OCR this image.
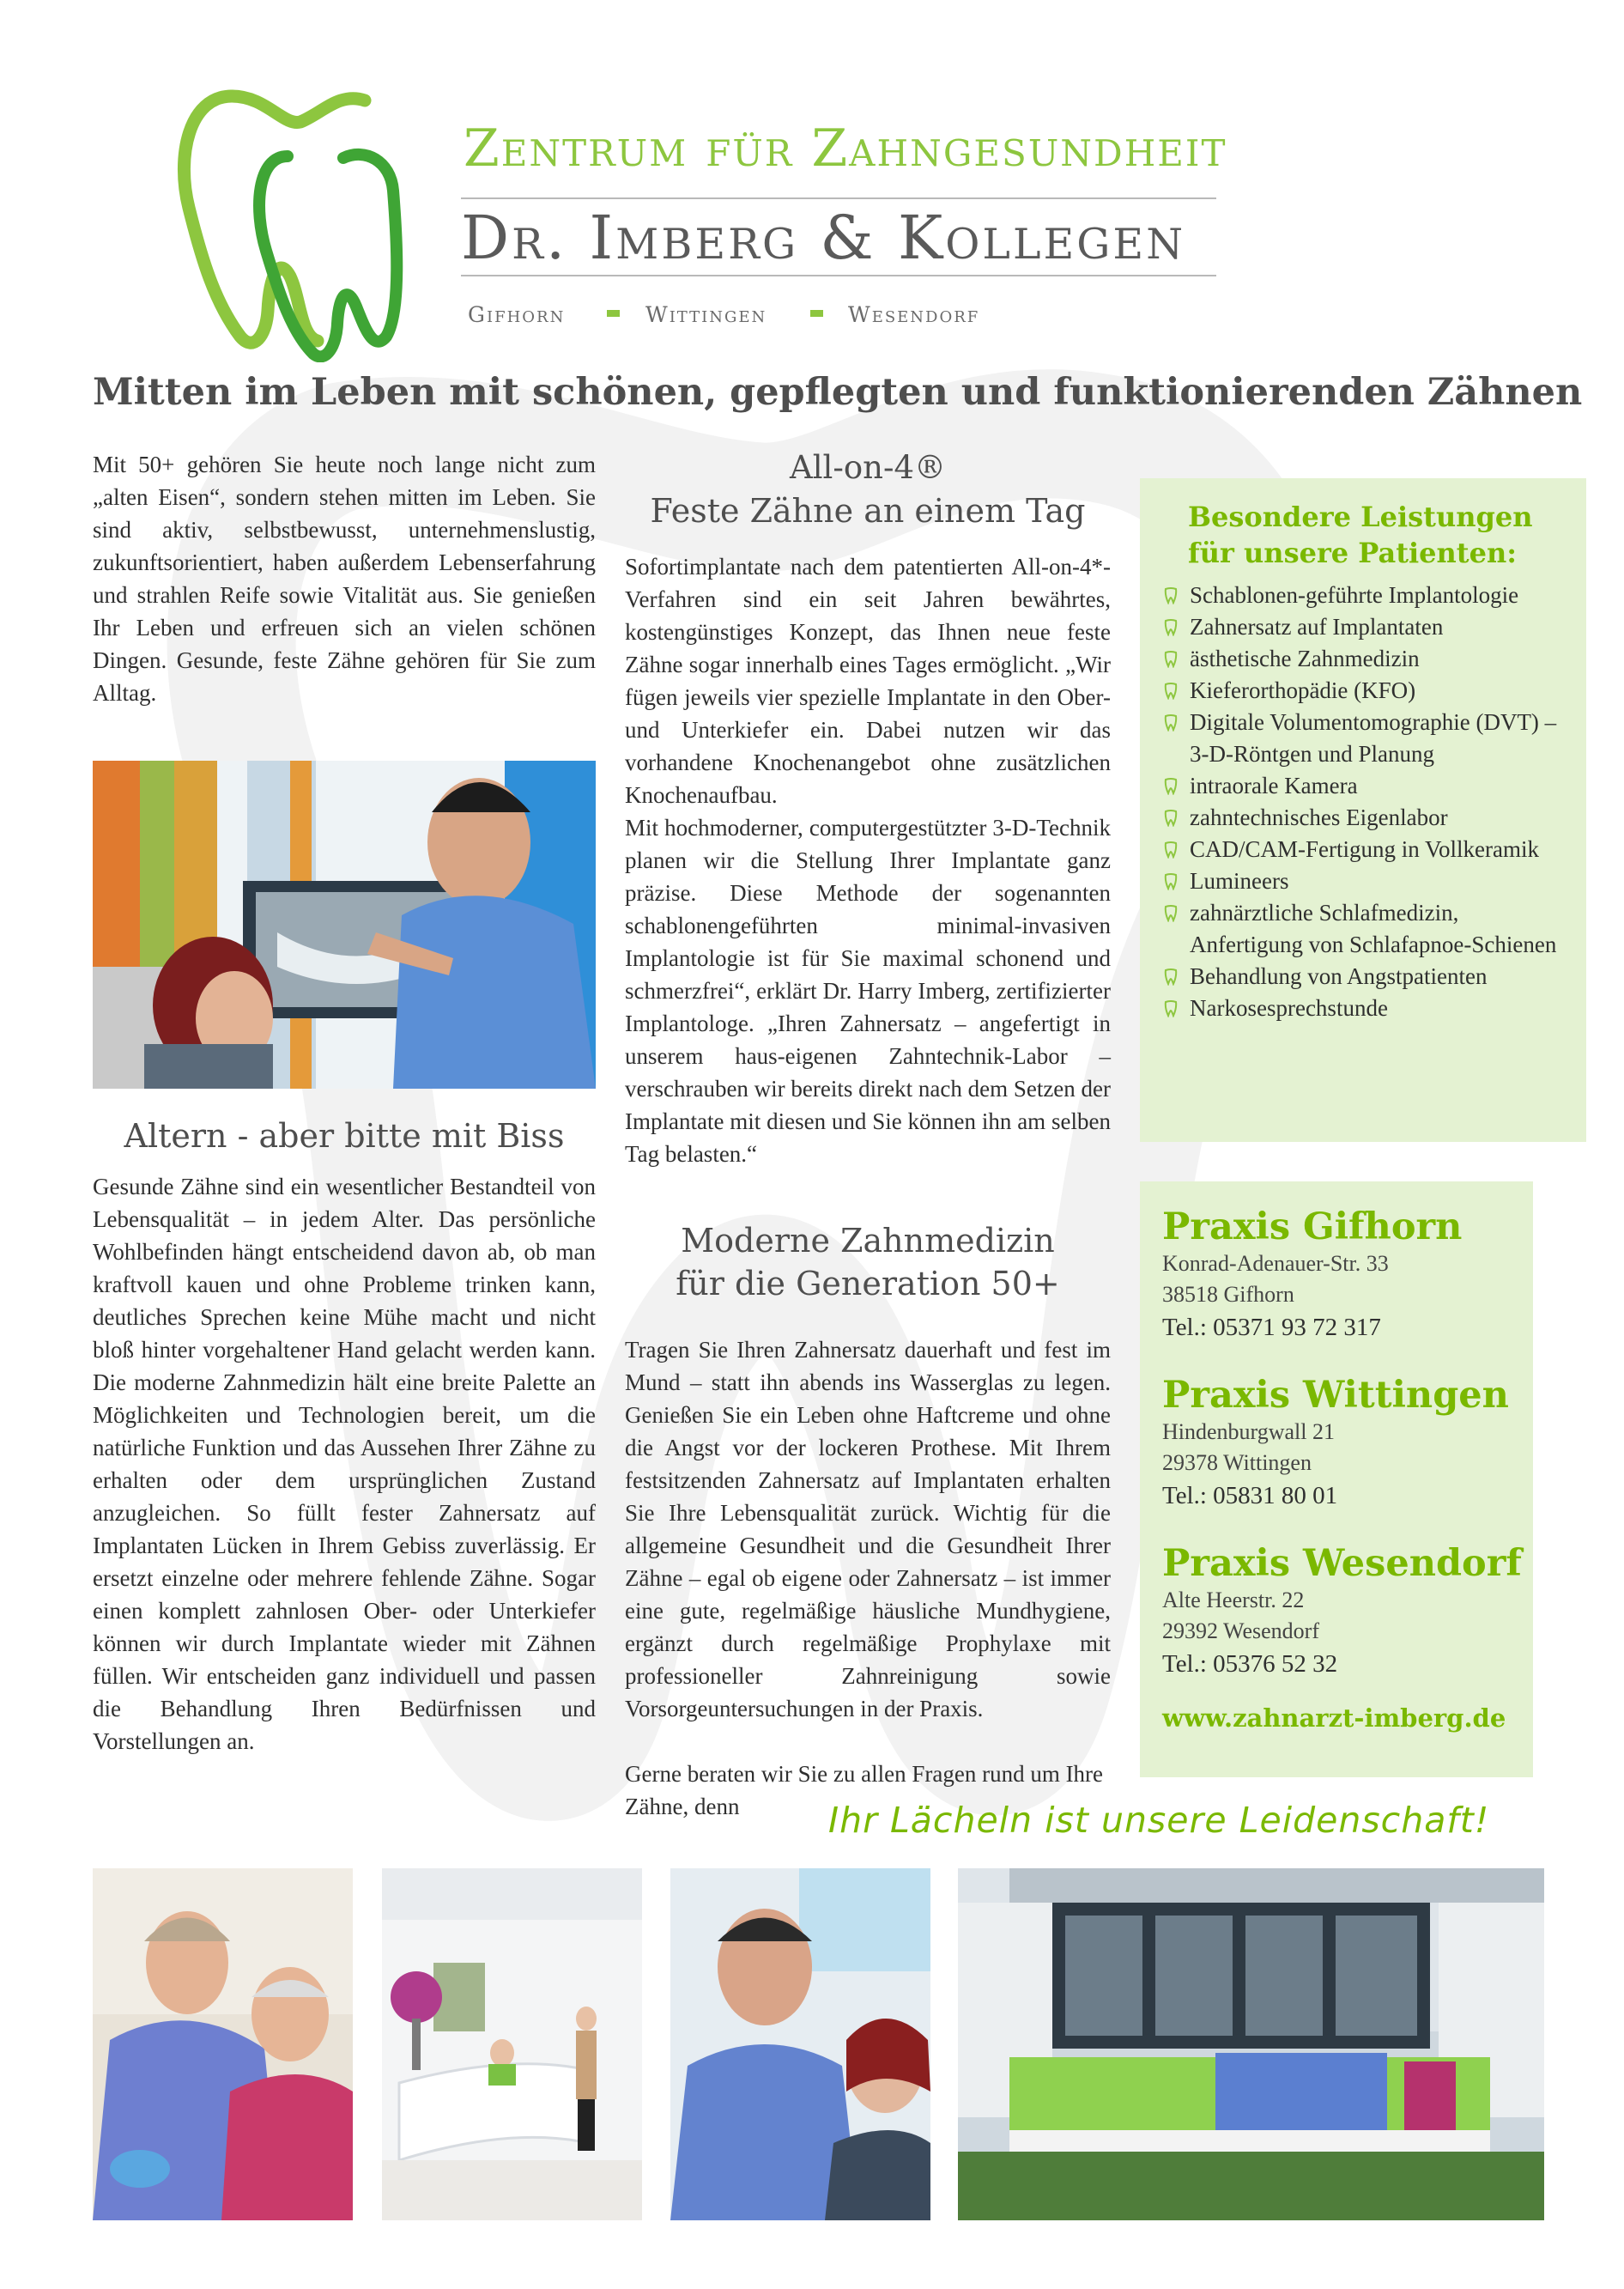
Zentrum für Zahngesundheit
Dr. Imberg & Kollegen
Gifhorn	Wittingen	Wesendorf
Mitten im Leben mit schönen, gepflegten und funktionierenden Zähnen

Mit 50+ gehören Sie heute noch lange nicht zum „alten Eisen“, sondern stehen mitten im Leben. Sie sind aktiv, selbstbewusst, unternehmenslustig, zukunftsorientiert, haben außerdem Lebenserfahrung und strahlen Reife sowie Vitalität aus. Sie genießen Ihr Leben und erfreuen sich an vielen schönen Dingen. Gesunde, feste Zähne gehören für Sie zum Alltag.

Altern - aber bitte mit Biss

Gesunde Zähne sind ein wesentlicher Bestandteil von Lebensqualität – in jedem Alter. Das persönliche Wohlbefinden hängt entscheidend davon ab, ob man kraftvoll kauen und ohne Probleme trinken kann, deutliches Sprechen keine Mühe macht und nicht bloß hinter vorgehaltener Hand gelacht werden kann. Die moderne Zahnmedizin hält eine breite Palette an Möglichkeiten und Technologien bereit, um die natürliche Funktion und das Aussehen Ihrer Zähne zu erhalten oder dem ursprünglichen Zustand anzugleichen. So füllt fester Zahnersatz auf Implantaten Lücken in Ihrem Gebiss zuverlässig. Er ersetzt einzelne oder mehrere fehlende Zähne. Sogar einen komplett zahnlosen Ober- oder Unterkiefer können wir durch Implantate wieder mit Zähnen füllen. Wir entscheiden ganz individuell und passen die Behandlung Ihren Bedürfnissen und Vorstellungen an.

All-on-4®
Feste Zähne an einem Tag

Sofortimplantate nach dem patentierten All-on-4*-Verfahren sind ein seit Jahren bewährtes, kostengünstiges Konzept, das Ihnen neue feste Zähne sogar innerhalb eines Tages ermöglicht. „Wir fügen jeweils vier spezielle Implantate in den Ober- und Unterkiefer ein. Dabei nutzen wir das vorhandene Knochenangebot ohne zusätzlichen Knochenaufbau.

Mit hochmoderner, computergestützter 3-D-Technik planen wir die Stellung Ihrer Implantate ganz präzise. Diese Methode der sogenannten schablonengeführten minimal-invasiven Implantologie ist für Sie maximal schonend und schmerzfrei“, erklärt Dr. Harry Imberg, zertifizierter Implantologe. „Ihren Zahnersatz – angefertigt in unserem haus-eigenen Zahntechnik-Labor – verschrauben wir bereits direkt nach dem Setzen der Implantate mit diesen und Sie können ihn am selben Tag belasten.“

Moderne Zahnmedizin
für die Generation 50+

Tragen Sie Ihren Zahnersatz dauerhaft und fest im Mund – statt ihn abends ins Wasserglas zu legen. Genießen Sie ein Leben ohne Haftcreme und ohne die Angst vor der lockeren Prothese. Mit Ihrem festsitzenden Zahnersatz auf Implantaten erhalten Sie Ihre Lebensqualität zurück. Wichtig für die allgemeine Gesundheit und die Gesundheit Ihrer Zähne – egal ob eigene oder Zahnersatz – ist immer eine gute, regelmäßige häusliche Mundhygiene, ergänzt durch regelmäßige Prophylaxe mit professioneller Zahnreinigung sowie Vorsorgeuntersuchungen in der Praxis.

Gerne beraten wir Sie zu allen Fragen rund um Ihre Zähne, denn	Ihr Lächeln ist unsere Leidenschaft!
Besondere Leistungen
für unsere Patienten:
Schablonen-geführte Implantologie
Zahnersatz auf Implantaten
ästhetische Zahnmedizin
Kieferorthopädie (KFO)
Digitale Volumentomographie (DVT) – 3-D-Röntgen und Planung
intraorale Kamera
zahntechnisches Eigenlabor
CAD/CAM-Fertigung in Vollkeramik
Lumineers
zahnärztliche Schlafmedizin, Anfertigung von Schlafapnoe-Schienen
Behandlung von Angstpatienten
Narkosesprechstunde
Praxis Gifhorn
Konrad-Adenauer-Str. 33
38518 Gifhorn
Tel.: 05371 93 72 317
Praxis Wittingen
Hindenburgwall 21
29378 Wittingen
Tel.: 05831 80 01
Praxis Wesendorf
Alte Heerstr. 22
29392 Wesendorf
Tel.: 05376 52 32
www.zahnarzt-imberg.de
